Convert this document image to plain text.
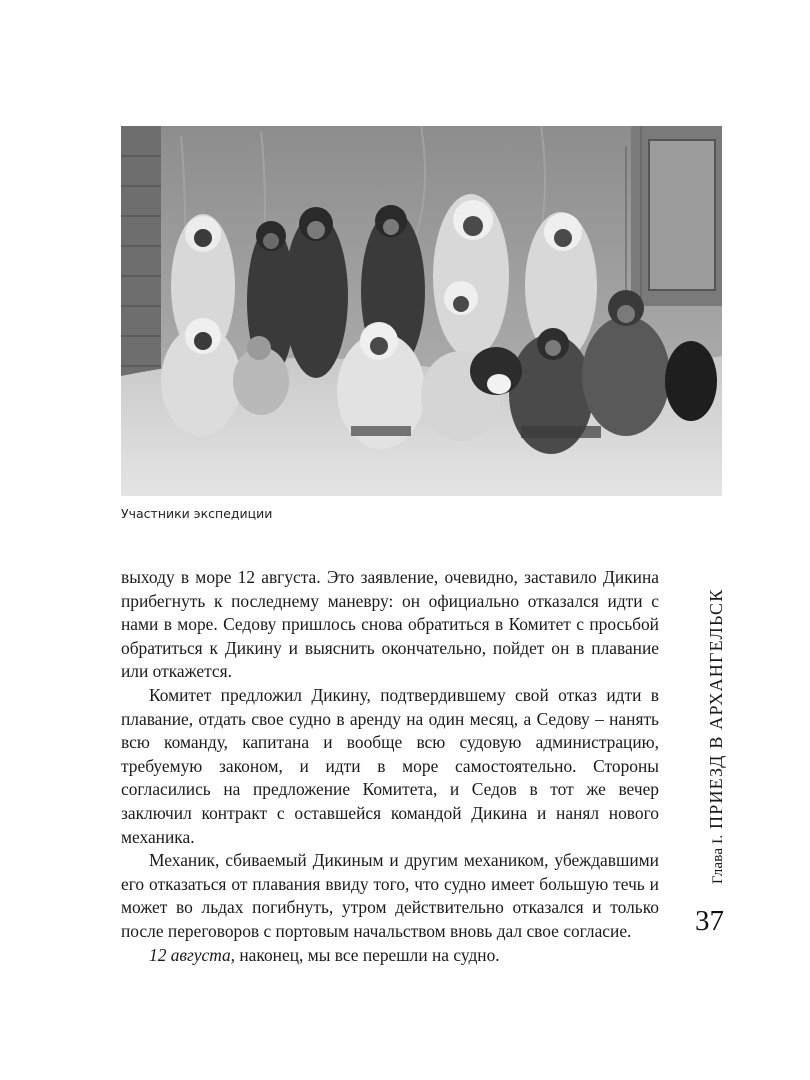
Участники экспедиции

выходу в море 12 августа. Это заявление, очевидно, заставило Дикина прибегнуть к последнему маневру: он официально отказался идти с нами в море. Седову пришлось снова обратиться в Комитет с просьбой обратиться к Дикину и выяснить окончательно, пойдет он в плавание или откажется.

Комитет предложил Дикину, подтвердившему свой отказ идти в плавание, отдать свое судно в аренду на один месяц, а Седову – нанять всю команду, капитана и вообще всю судовую администрацию, требуемую законом, и идти в море самостоятельно. Стороны согласились на предложение Комитета, и Седов в тот же вечер заключил контракт с оставшейся командой Дикина и нанял нового механика.

Механик, сбиваемый Дикиным и другим механиком, убеждавшими его отказаться от плавания ввиду того, что судно имеет большую течь и может во льдах погибнуть, утром действительно отказался и только после переговоров с портовым начальством вновь дал свое согласие.

12 августа, наконец, мы все перешли на судно.

Глава I. ПРИЕЗД В АРХАНГЕЛЬСК
37
